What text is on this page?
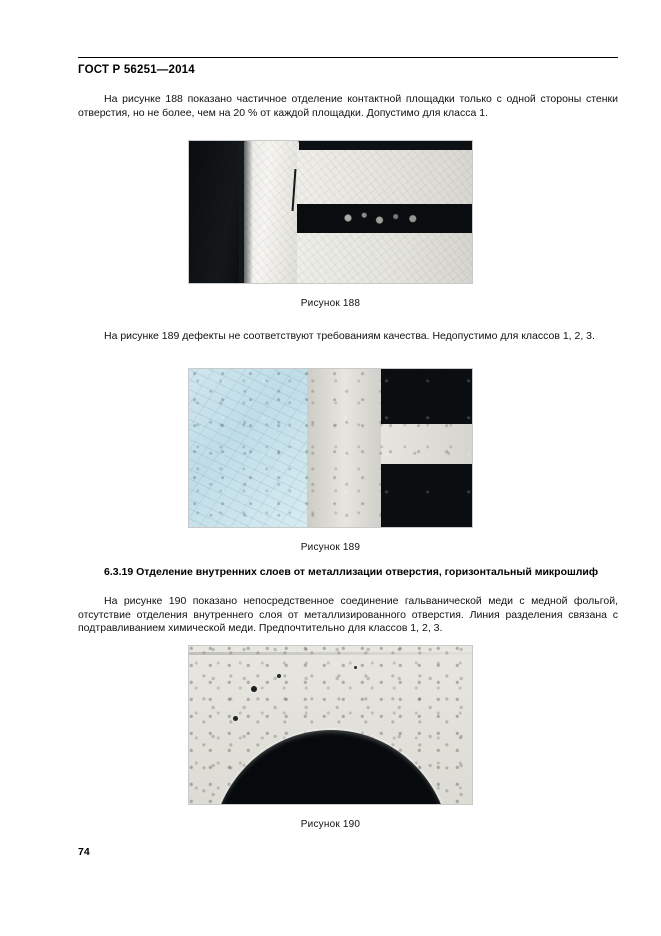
ГОСТ Р 56251—2014

На рисунке 188 показано частичное отделение контактной площадки только с одной стороны стенки отверстия, но не более, чем на 20 % от каждой площадки. Допустимо для класса 1.

Рисунок 188

На рисунке 189 дефекты не соответствуют требованиям качества. Недопустимо для классов 1, 2, 3.

Рисунок 189
6.3.19 Отделение внутренних слоев от металлизации отверстия, горизонтальный микрошлиф

На рисунке 190 показано непосредственное соединение гальванической меди с медной фольгой, отсутствие отделения внутреннего слоя от металлизированного отверстия. Линия разделения связана с подтравливанием химической меди. Предпочтительно для классов 1, 2, 3.

Рисунок 190
74
